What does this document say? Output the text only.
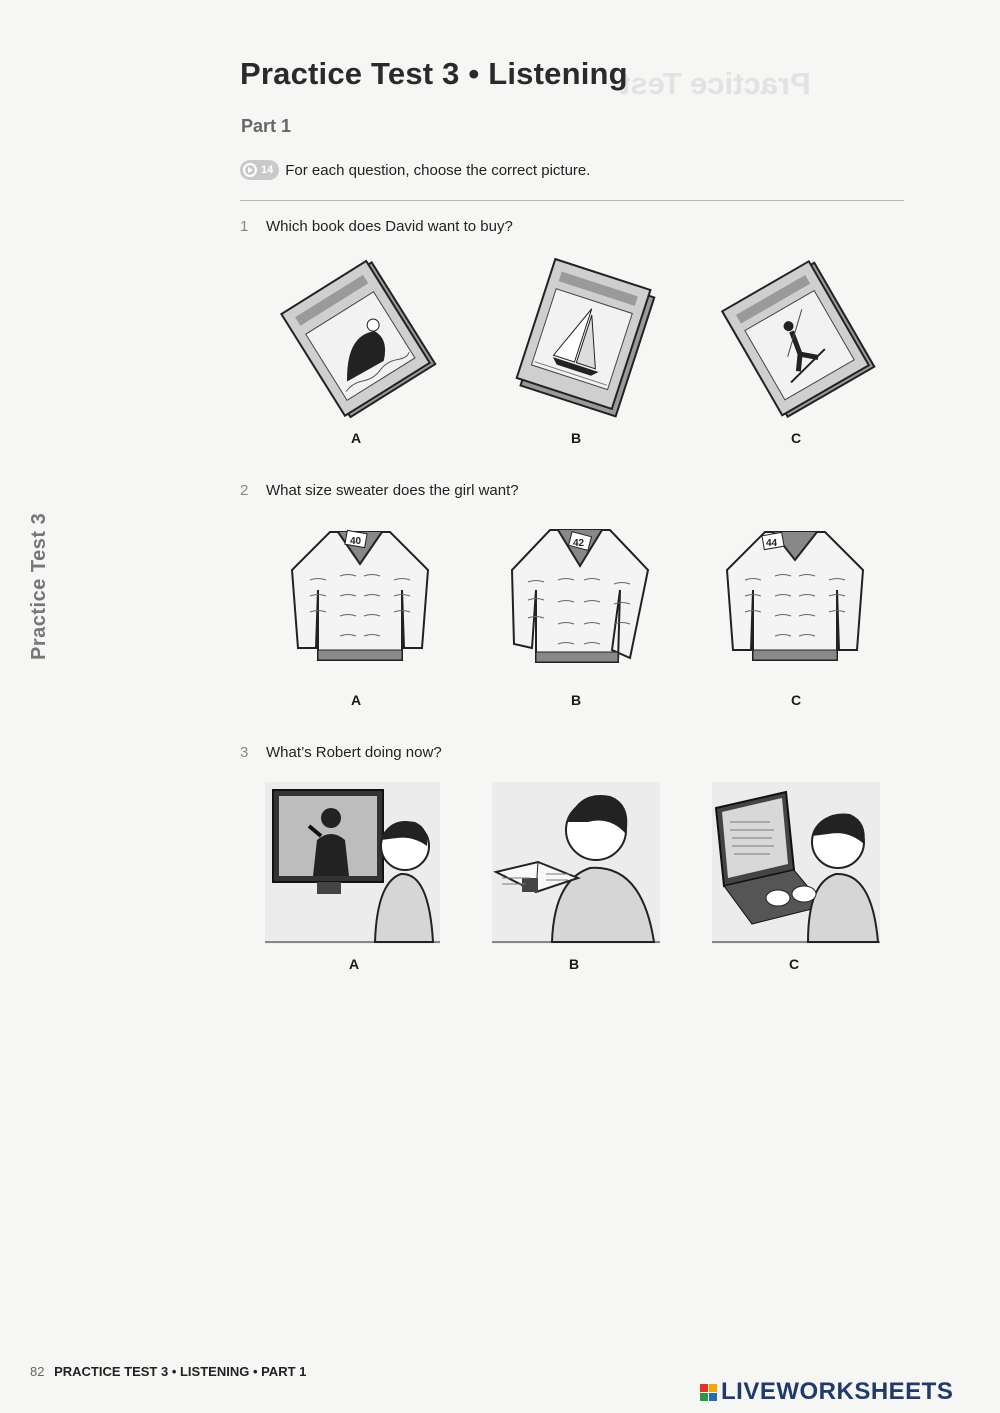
Practice Test
Practice Test 3 • Listening
Part 1
14 For each question, choose the correct picture.
Practice Test 3
1 Which book does David want to buy?
A	B	C
2 What size sweater does the girl want?
40	42	44
A	B	C
3 What’s Robert doing now?
A	B	C
82 PRACTICE TEST 3 • LISTENING • PART 1
LIVEWORKSHEETS
